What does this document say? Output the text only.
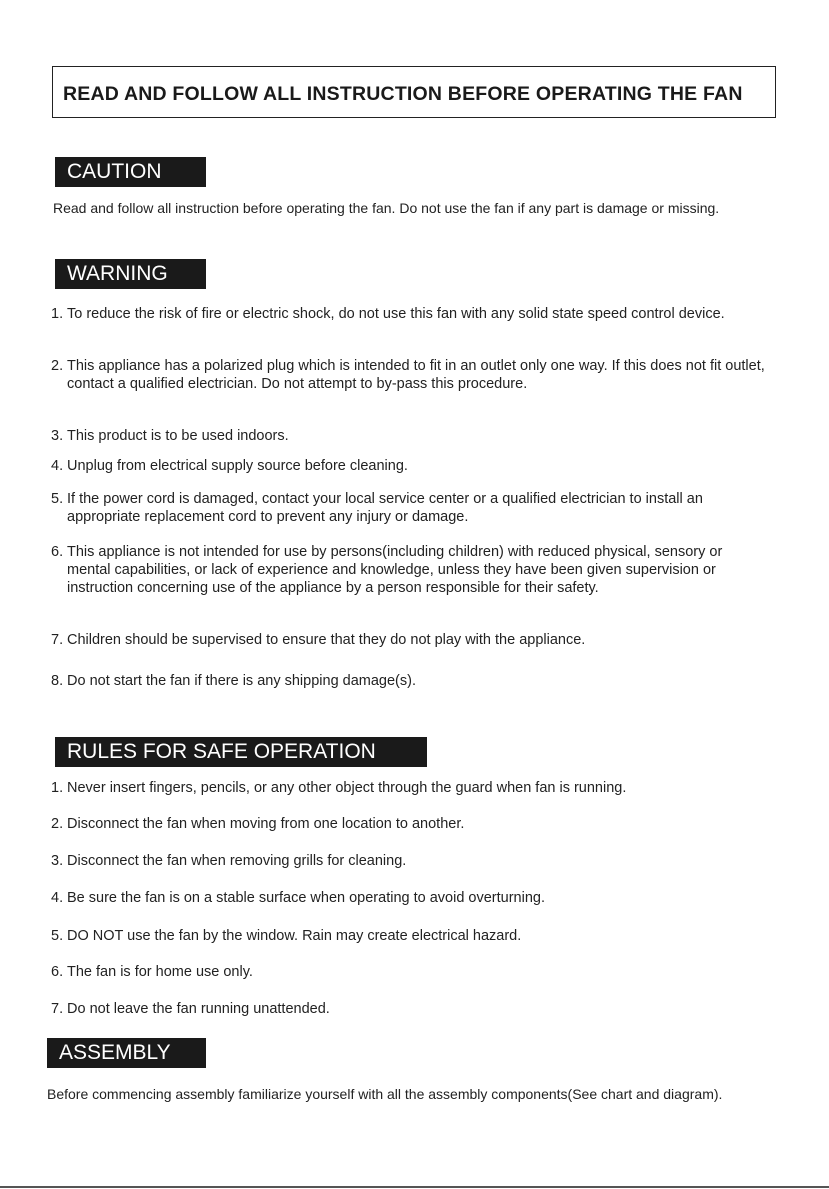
READ AND FOLLOW ALL INSTRUCTION BEFORE OPERATING THE FAN
CAUTION

Read and follow all instruction before operating the fan. Do not use the fan if any part is damage or missing.

WARNING
1. To reduce the risk of fire or electric shock, do not use this fan with any solid state speed control device.
2. This appliance has a polarized plug which is intended to fit in an outlet only one way. If this does not fit outlet, contact a qualified electrician. Do not attempt to by-pass this procedure.
3. This product is to be used indoors.
4. Unplug from electrical supply source before cleaning.
5. If the power cord is damaged, contact your local service center or a qualified electrician to install an appropriate replacement cord to prevent any injury or damage.
6. This appliance is not intended for use by persons(including children) with reduced physical, sensory or mental capabilities, or lack of experience and knowledge, unless they have been given supervision or instruction concerning use of the appliance by a person responsible for their safety.
7. Children should be supervised to ensure that they do not play with the appliance.
8. Do not start the fan if there is any shipping damage(s).
RULES FOR SAFE OPERATION
1. Never insert fingers, pencils, or any other object through the guard when fan is running.
2. Disconnect the fan when moving from one location to another.
3. Disconnect the fan when removing grills for cleaning.
4. Be sure the fan is on a stable surface when operating to avoid overturning.
5. DO NOT use the fan by the window. Rain may create electrical hazard.
6. The fan is for home use only.
7. Do not leave the fan running unattended.
ASSEMBLY

Before commencing assembly familiarize yourself with all the assembly components(See chart and diagram).
